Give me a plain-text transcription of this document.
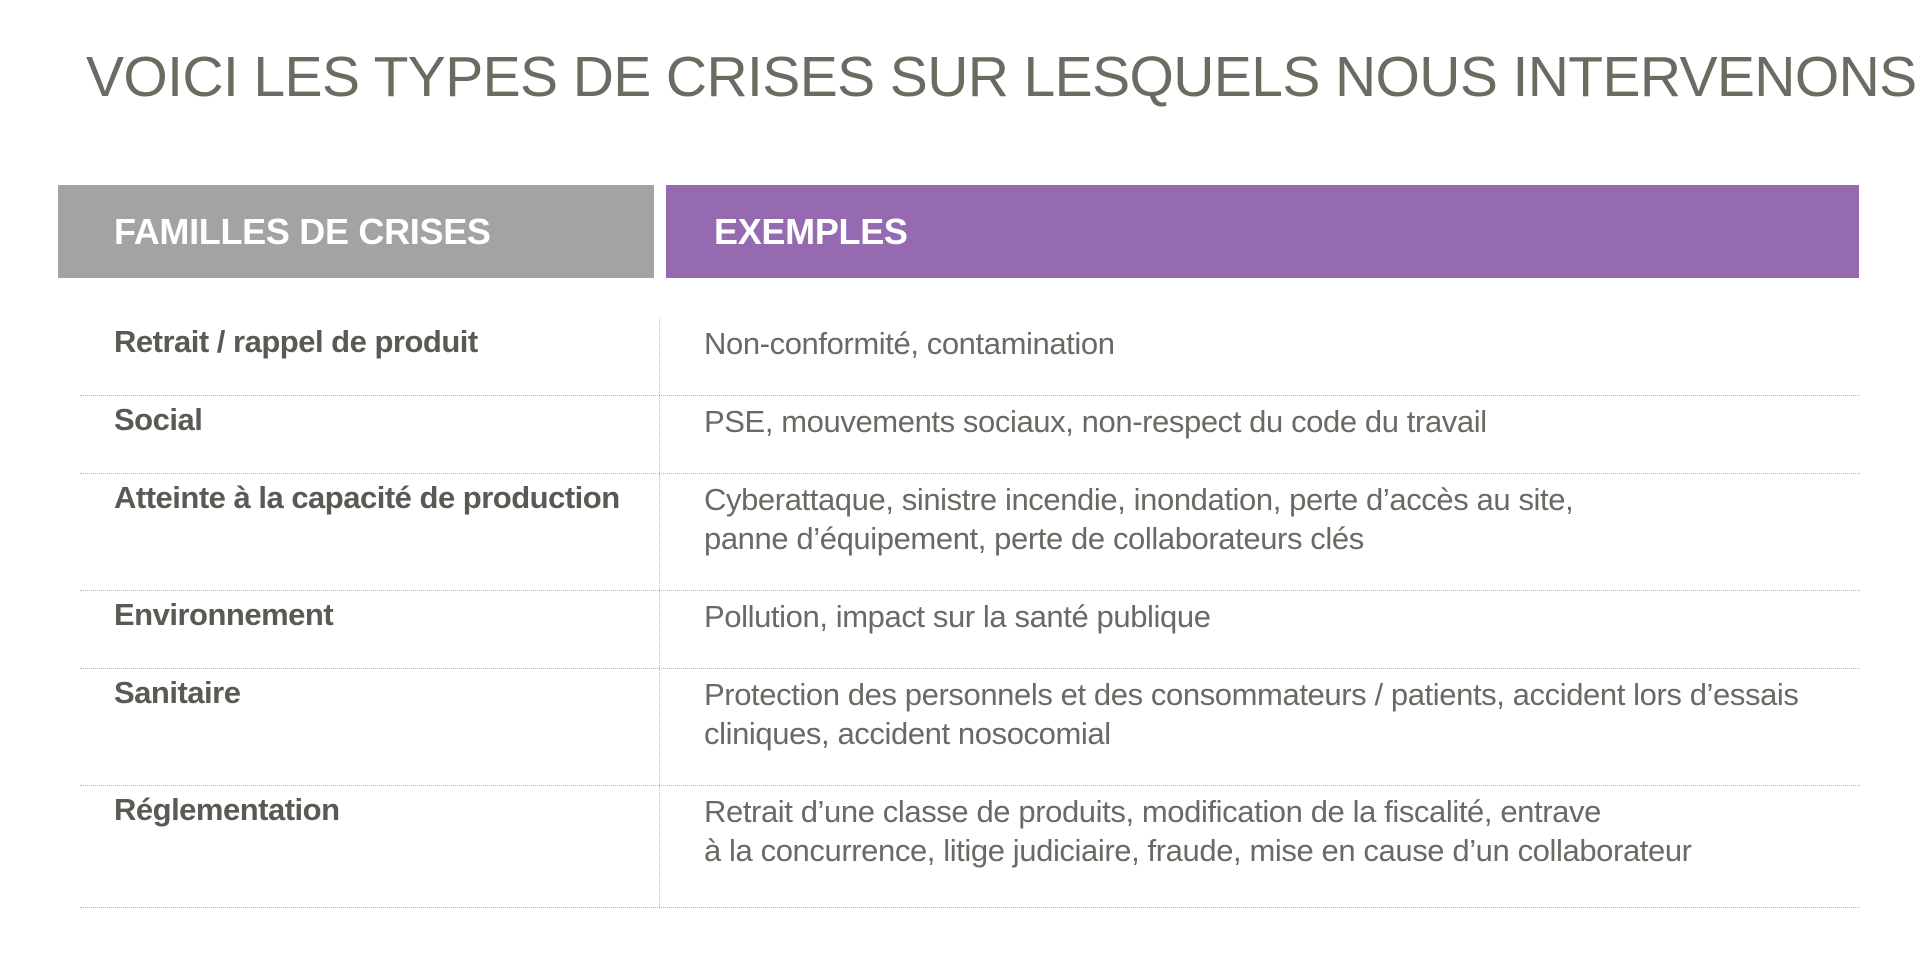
VOICI LES TYPES DE CRISES SUR LESQUELS NOUS INTERVENONS
FAMILLES DE CRISES	EXEMPLES
Retrait / rappel de produit	Non-conformité, contamination
Social	PSE, mouvements sociaux, non-respect du code du travail
Atteinte à la capacité de production	Cyberattaque, sinistre incendie, inondation, perte d’accès au site,
panne d’équipement, perte de collaborateurs clés
Environnement	Pollution, impact sur la santé publique
Sanitaire	Protection des personnels et des consommateurs / patients, accident lors d’essais
cliniques, accident nosocomial
Réglementation	Retrait d’une classe de produits, modification de la fiscalité, entrave
à la concurrence, litige judiciaire, fraude, mise en cause d’un collaborateur
